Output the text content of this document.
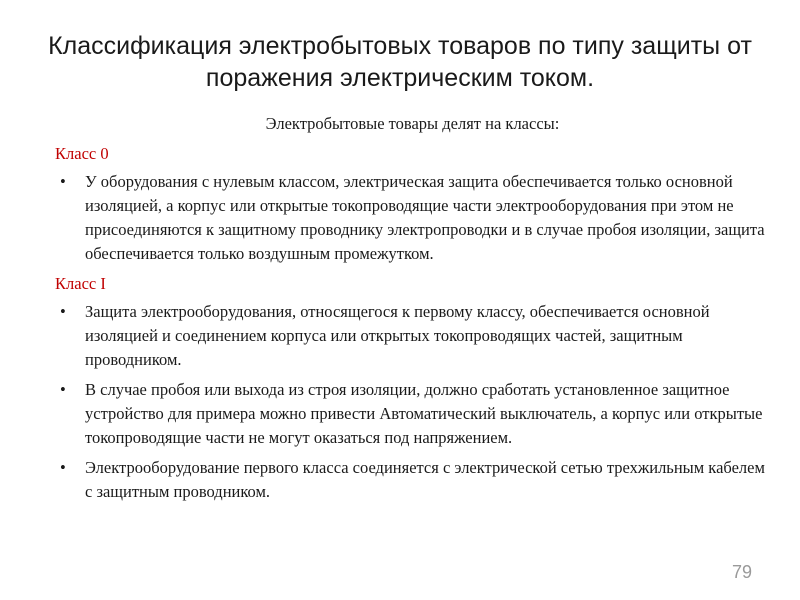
Классификация электробытовых товаров по типу защиты от поражения электрическим током.
Электробытовые товары делят на классы:
Класс 0
• У оборудования с нулевым классом, электрическая защита обеспечивается только основной изоляцией, а корпус или открытые токопроводящие части электрооборудования при этом не присоединяются к защитному проводнику электропроводки и в случае пробоя изоляции, защита обеспечивается только воздушным промежутком.
Класс I
• Защита электрооборудования, относящегося к первому классу, обеспечивается основной изоляцией и соединением корпуса или открытых токопроводящих частей, защитным проводником.
• В случае пробоя или выхода из строя изоляции, должно сработать установленное защитное устройство для примера можно привести Автоматический выключатель, а корпус или открытые токопроводящие части не могут оказаться под напряжением.
• Электрооборудование первого класса соединяется с электрической сетью трехжильным кабелем с защитным проводником.
79
